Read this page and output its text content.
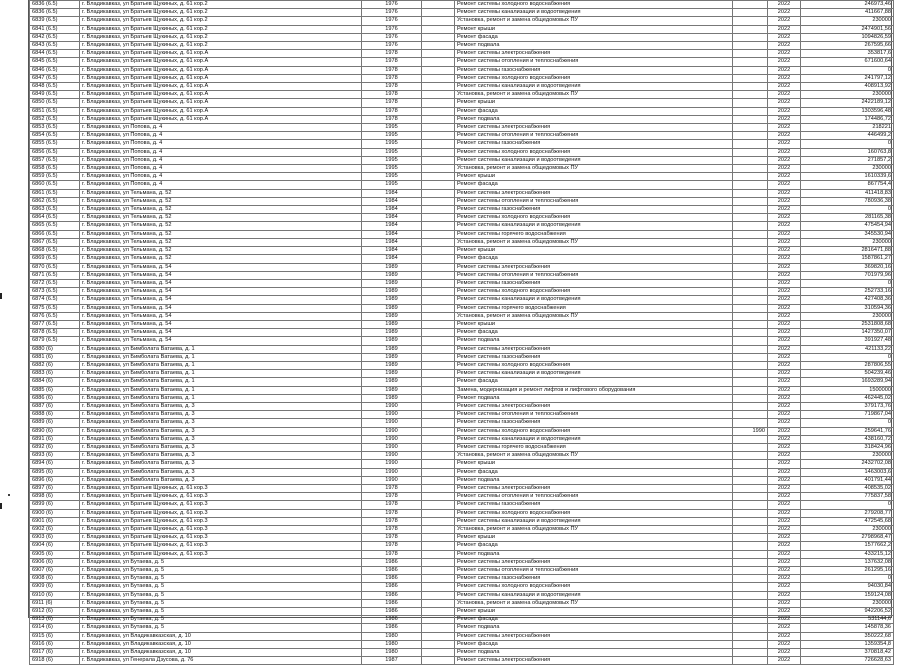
6836 (6.5)	г. Владикавказ, ул Братьев Щукиных, д. 61 кор.2	1976		Ремонт системы холодного водоснабжения		2022	246973,46
6836 (6.5)	г. Владикавказ, ул Братьев Щукиных, д. 61 кор.2	1976		Ремонт системы канализации и водоотведения		2022	411667,88
6839 (6.5)	г. Владикавказ, ул Братьев Щукиных, д. 61 кор.2	1976		Установка, ремонт и замена общедомовых ПУ		2022	230000
6841 (6.5)	г. Владикавказ, ул Братьев Щукиных, д. 61 кор.2	1976		Ремонт крыши		2022	2474901,56
6842 (6.5)	г. Владикавказ, ул Братьев Щукиных, д. 61 кор.2	1976		Ремонт фасада		2022	1094826,59
6843 (6.5)	г. Владикавказ, ул Братьев Щукиных, д. 61 кор.2	1976		Ремонт подвала		2022	267595,66
6844 (6.5)	г. Владикавказ, ул Братьев Щукиных, д. 61 кор.А	1978		Ремонт системы электроснабжения		2022	353817,6
6845 (6.5)	г. Владикавказ, ул Братьев Щукиных, д. 61 кор.А	1978		Ремонт системы отопления и теплоснабжения		2022	671600,64
6846 (6.5)	г. Владикавказ, ул Братьев Щукиных, д. 61 кор.А	1978		Ремонт системы газоснабжения		2022	0
6847 (6.5)	г. Владикавказ, ул Братьев Щукиных, д. 61 кор.А	1978		Ремонт системы холодного водоснабжения		2022	241797,12
6848 (6.5)	г. Владикавказ, ул Братьев Щукиных, д. 61 кор.А	1978		Ремонт системы канализации и водоотведения		2022	408913,92
6849 (6.5)	г. Владикавказ, ул Братьев Щукиных, д. 61 кор.А	1978		Установка, ремонт и замена общедомовых ПУ		2022	230000
6850 (6.5)	г. Владикавказ, ул Братьев Щукиных, д. 61 кор.А	1978		Ремонт крыши		2022	2422189,12
6851 (6.5)	г. Владикавказ, ул Братьев Щукиных, д. 61 кор.А	1978		Ремонт фасада		2022	1303596,48
6852 (6.5)	г. Владикавказ, ул Братьев Щукиных, д. 61 кор.А	1978		Ремонт подвала		2022	174486,72
6853 (6.5)	г. Владикавказ, ул Попова, д. 4	1995		Ремонт системы электроснабжения		2022	218221
6854 (6.5)	г. Владикавказ, ул Попова, д. 4	1995		Ремонт системы отопления и теплоснабжения		2022	446499,2
6855 (6.5)	г. Владикавказ, ул Попова, д. 4	1995		Ремонт системы газоснабжения		2022	0
6856 (6.5)	г. Владикавказ, ул Попова, д. 4	1995		Ремонт системы холодного водоснабжения		2022	160763,8
6857 (6.5)	г. Владикавказ, ул Попова, д. 4	1995		Ремонт системы канализации и водоотведения		2022	271857,2
6858 (6.5)	г. Владикавказ, ул Попова, д. 4	1995		Установка, ремонт и замена общедомовых ПУ		2022	230000
6859 (6.5)	г. Владикавказ, ул Попова, д. 4	1995		Ремонт крыши		2022	1610339,6
6860 (6.5)	г. Владикавказ, ул Попова, д. 4	1995		Ремонт фасада		2022	867754,4
6861 (6.5)	г. Владикавказ, ул Тельмана, д. 52	1984		Ремонт системы электроснабжения		2022	411418,83
6862 (6.5)	г. Владикавказ, ул Тельмана, д. 52	1984		Ремонт системы отопления и теплоснабжения		2022	780936,38
6863 (6.5)	г. Владикавказ, ул Тельмана, д. 52	1984		Ремонт системы газоснабжения		2022	0
6864 (6.5)	г. Владикавказ, ул Тельмана, д. 52	1984		Ремонт системы холодного водоснабжения		2022	281165,38
6865 (6.5)	г. Владикавказ, ул Тельмана, д. 52	1984		Ремонт системы канализации и водоотведения		2022	475454,94
6866 (6.5)	г. Владикавказ, ул Тельмана, д. 52	1984		Ремонт системы горячего водоснабжения		2022	345530,94
6867 (6.5)	г. Владикавказ, ул Тельмана, д. 52	1984		Установка, ремонт и замена общедомовых ПУ		2022	230000
6868 (6.5)	г. Владикавказ, ул Тельмана, д. 52	1984		Ремонт крыши		2022	2816471,88
6869 (6.5)	г. Владикавказ, ул Тельмана, д. 52	1984		Ремонт фасада		2022	1587861,27
6870 (6.5)	г. Владикавказ, ул Тельмана, д. 54	1989		Ремонт системы электроснабжения		2022	369820,16
6871 (6.5)	г. Владикавказ, ул Тельмана, д. 54	1989		Ремонт системы отопления и теплоснабжения		2022	701979,96
6872 (6.5)	г. Владикавказ, ул Тельмана, д. 54	1989		Ремонт системы газоснабжения		2022	0
6873 (6.5)	г. Владикавказ, ул Тельмана, д. 54	1989		Ремонт системы холодного водоснабжения		2022	252733,16
6874 (6.5)	г. Владикавказ, ул Тельмана, д. 54	1989		Ремонт системы канализации и водоотведения		2022	427408,36
6875 (6.5)	г. Владикавказ, ул Тельмана, д. 54	1989		Ремонт системы горячего водоснабжения		2022	310594,36
6876 (6.5)	г. Владикавказ, ул Тельмана, д. 54	1989		Установка, ремонт и замена общедомовых ПУ		2022	230000
6877 (6.5)	г. Владикавказ, ул Тельмана, д. 54	1989		Ремонт крыши		2022	2531808,68
6878 (6.5)	г. Владикавказ, ул Тельмана, д. 54	1989		Ремонт фасада		2022	1427350,07
6879 (6.5)	г. Владикавказ, ул Тельмана, д. 54	1989		Ремонт подвала		2022	391927,48
6880 (6)	г. Владикавказ, ул Бимболата Ватаева, д. 1	1989		Ремонт системы электроснабжения		2022	421133,22
6881 (6)	г. Владикавказ, ул Бимболата Ватаева, д. 1	1989		Ремонт системы газоснабжения		2022	0
6882 (6)	г. Владикавказ, ул Бимболата Ватаева, д. 1	1989		Ремонт системы холодного водоснабжения		2022	287806,55
6883 (6)	г. Владикавказ, ул Бимболата Ватаева, д. 1	1989		Ремонт системы канализации и водоотведения		2022	504239,46
6884 (6)	г. Владикавказ, ул Бимболата Ватаева, д. 1	1989		Ремонт фасада		2022	1693289,94
6885 (6)	г. Владикавказ, ул Бимболата Ватаева, д. 1	1989		Замена, модернизация и ремонт лифтов и лифтового оборудования		2022	1500000
6886 (6)	г. Владикавказ, ул Бимболата Ватаева, д. 1	1989		Ремонт подвала		2022	462445,02
6887 (6)	г. Владикавказ, ул Бимболата Ватаева, д. 3	1990		Ремонт системы электроснабжения		2022	379173,76
6888 (6)	г. Владикавказ, ул Бимболата Ватаева, д. 3	1990		Ремонт системы отопления и теплоснабжения		2022	719867,04
6889 (6)	г. Владикавказ, ул Бимболата Ватаева, д. 3	1990		Ремонт системы газоснабжения		2022	0
6890 (6)	г. Владикавказ, ул Бимболата Ватаева, д. 3	1990		Ремонт системы холодного водоснабжения	1990	2022	259641,76
6891 (6)	г. Владикавказ, ул Бимболата Ватаева, д. 3	1990		Ремонт системы канализации и водоотведения		2022	438160,72
6892 (6)	г. Владикавказ, ул Бимболата Ватаева, д. 3	1990		Ремонт системы горячего водоснабжения		2022	318424,96
6893 (6)	г. Владикавказ, ул Бимболата Ватаева, д. 3	1990		Установка, ремонт и замена общедомовых ПУ		2022	230000
6894 (6)	г. Владикавказ, ул Бимболата Ватаева, д. 3	1990		Ремонт крыши		2022	2432702,08
6895 (6)	г. Владикавказ, ул Бимболата Ватаева, д. 3	1990		Ремонт фасада		2022	1463003,6
6896 (6)	г. Владикавказ, ул Бимболата Ватаева, д. 3	1990		Ремонт подвала		2022	401791,44
6897 (6)	г. Владикавказ, ул Братьев Щукиных, д. 61 кор.3	1978		Ремонт системы электроснабжения		2022	408535,02
6898 (6)	г. Владикавказ, ул Братьев Щукиных, д. 61 кор.3	1978		Ремонт системы отопления и теплоснабжения		2022	775837,58
6899 (6)	г. Владикавказ, ул Братьев Щукиных, д. 61 кор.3	1978		Ремонт системы газоснабжения		2022	0
6900 (6)	г. Владикавказ, ул Братьев Щукиных, д. 61 кор.3	1978		Ремонт системы холодного водоснабжения		2022	279208,77
6901 (6)	г. Владикавказ, ул Братьев Щукиных, д. 61 кор.3	1978		Ремонт системы канализации и водоотведения		2022	472545,68
6902 (6)	г. Владикавказ, ул Братьев Щукиных, д. 61 кор.3	1978		Установка, ремонт и замена общедомовых ПУ		2022	230000
6903 (6)	г. Владикавказ, ул Братьев Щукиных, д. 61 кор.3	1978		Ремонт крыши		2022	2798968,47
6904 (6)	г. Владикавказ, ул Братьев Щукиных, д. 61 кор.3	1978		Ремонт фасада		2022	1577662,2
6905 (6)	г. Владикавказ, ул Братьев Щукиных, д. 61 кор.3	1978		Ремонт подвала		2022	433215,12
6906 (6)	г. Владикавказ, ул Бутаева, д. 5	1986		Ремонт системы электроснабжения		2022	137632,08
6907 (6)	г. Владикавказ, ул Бутаева, д. 5	1986		Ремонт системы отопления и теплоснабжения		2022	261295,16
6908 (6)	г. Владикавказ, ул Бутаева, д. 5	1986		Ремонт системы газоснабжения		2022	0
6909 (6)	г. Владикавказ, ул Бутаева, д. 5	1986		Ремонт системы холодного водоснабжения		2022	94030,84
6910 (6)	г. Владикавказ, ул Бутаева, д. 5	1986		Ремонт системы канализации и водоотведения		2022	159124,08
6911 (6)	г. Владикавказ, ул Бутаева, д. 5	1986		Установка, ремонт и замена общедомовых ПУ		2022	230000
6912 (6)	г. Владикавказ, ул Бутаева, д. 5	1986		Ремонт крыши		2022	942206,52
6913 (6)	г. Владикавказ, ул Бутаева, д. 5	1986		Ремонт фасада		2022	531144,6
6914 (6)	г. Владикавказ, ул Бутаева, д. 5	1986		Ремонт подвала		2022	145878,36
6915 (6)	г. Владикавказ, ул Владикавказская, д. 10	1980		Ремонт системы электроснабжения		2022	350222,68
6916 (6)	г. Владикавказ, ул Владикавказская, д. 10	1980		Ремонт фасада		2022	1359354,8
6917 (6)	г. Владикавказ, ул Владикавказская, д. 10	1980		Ремонт подвала		2022	370818,42
6918 (6)	г. Владикавказ, ул Генерала Дзусова, д. 76	1987		Ремонт системы электроснабжения		2022	726628,63
